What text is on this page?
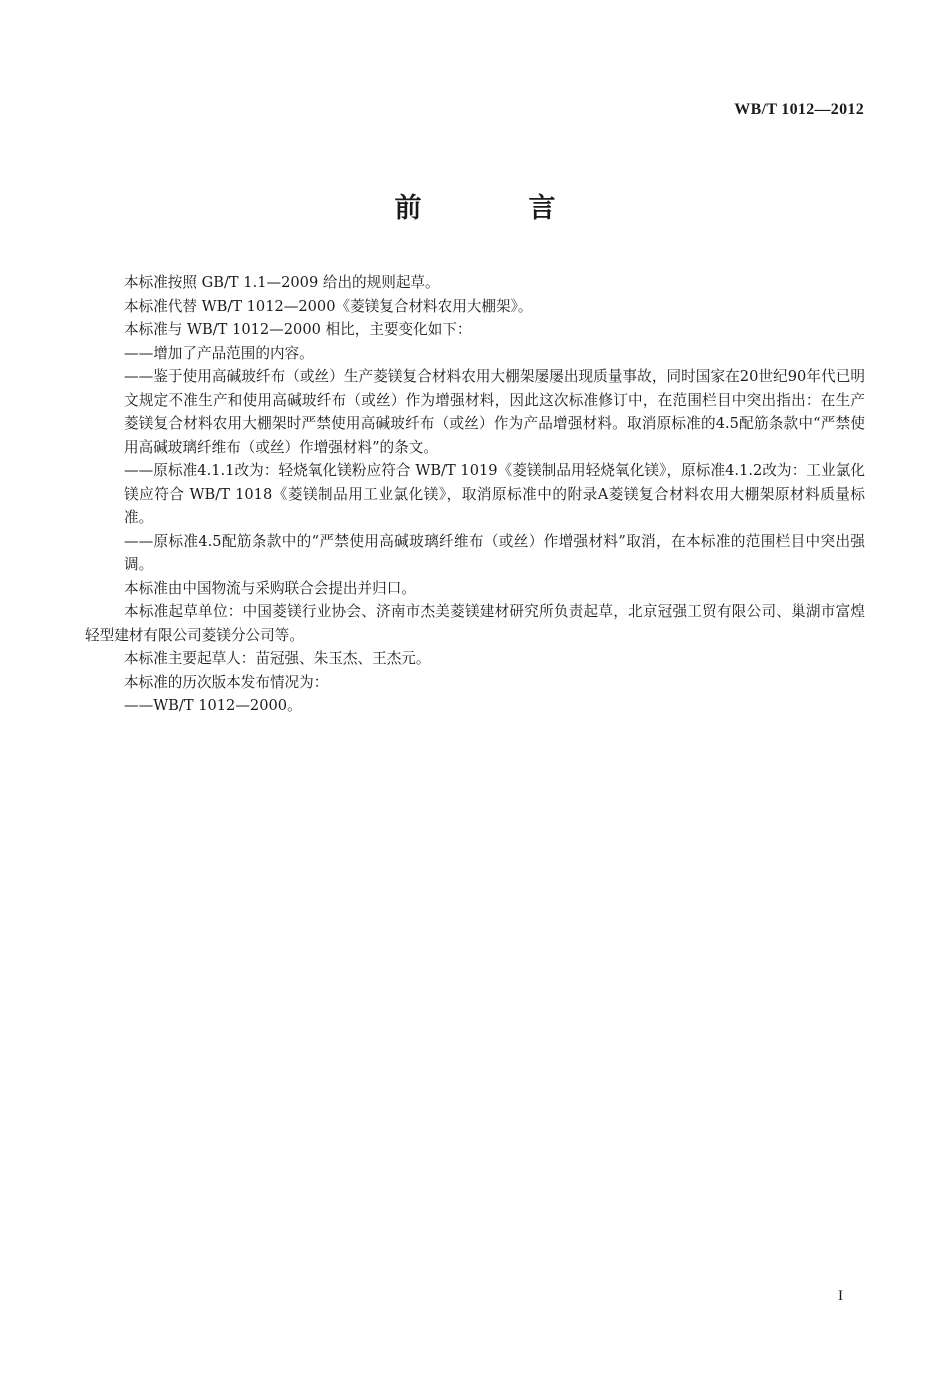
WB/T 1012—2012
前　言

本标准按照 GB/T 1.1—2009 给出的规则起草。

本标准代替 WB/T 1012—2000《菱镁复合材料农用大棚架》。

本标准与 WB/T 1012—2000 相比，主要变化如下：

——增加了产品范围的内容。

——鉴于使用高碱玻纤布（或丝）生产菱镁复合材料农用大棚架屡屡出现质量事故，同时国家在20世纪90年代已明文规定不准生产和使用高碱玻纤布（或丝）作为增强材料，因此这次标准修订中，在范围栏目中突出指出：在生产菱镁复合材料农用大棚架时严禁使用高碱玻纤布（或丝）作为产品增强材料。取消原标准的4.5配筋条款中“严禁使用高碱玻璃纤维布（或丝）作增强材料”的条文。

——原标准4.1.1改为：轻烧氧化镁粉应符合 WB/T 1019《菱镁制品用轻烧氧化镁》，原标准4.1.2改为：工业氯化镁应符合 WB/T 1018《菱镁制品用工业氯化镁》，取消原标准中的附录A菱镁复合材料农用大棚架原材料质量标准。

——原标准4.5配筋条款中的“严禁使用高碱玻璃纤维布（或丝）作增强材料”取消，在本标准的范围栏目中突出强调。

本标准由中国物流与采购联合会提出并归口。

本标准起草单位：中国菱镁行业协会、济南市杰美菱镁建材研究所负责起草，北京冠强工贸有限公司、巢湖市富煌轻型建材有限公司菱镁分公司等。

本标准主要起草人：苗冠强、朱玉杰、王杰元。

本标准的历次版本发布情况为：

——WB/T 1012—2000。

I
